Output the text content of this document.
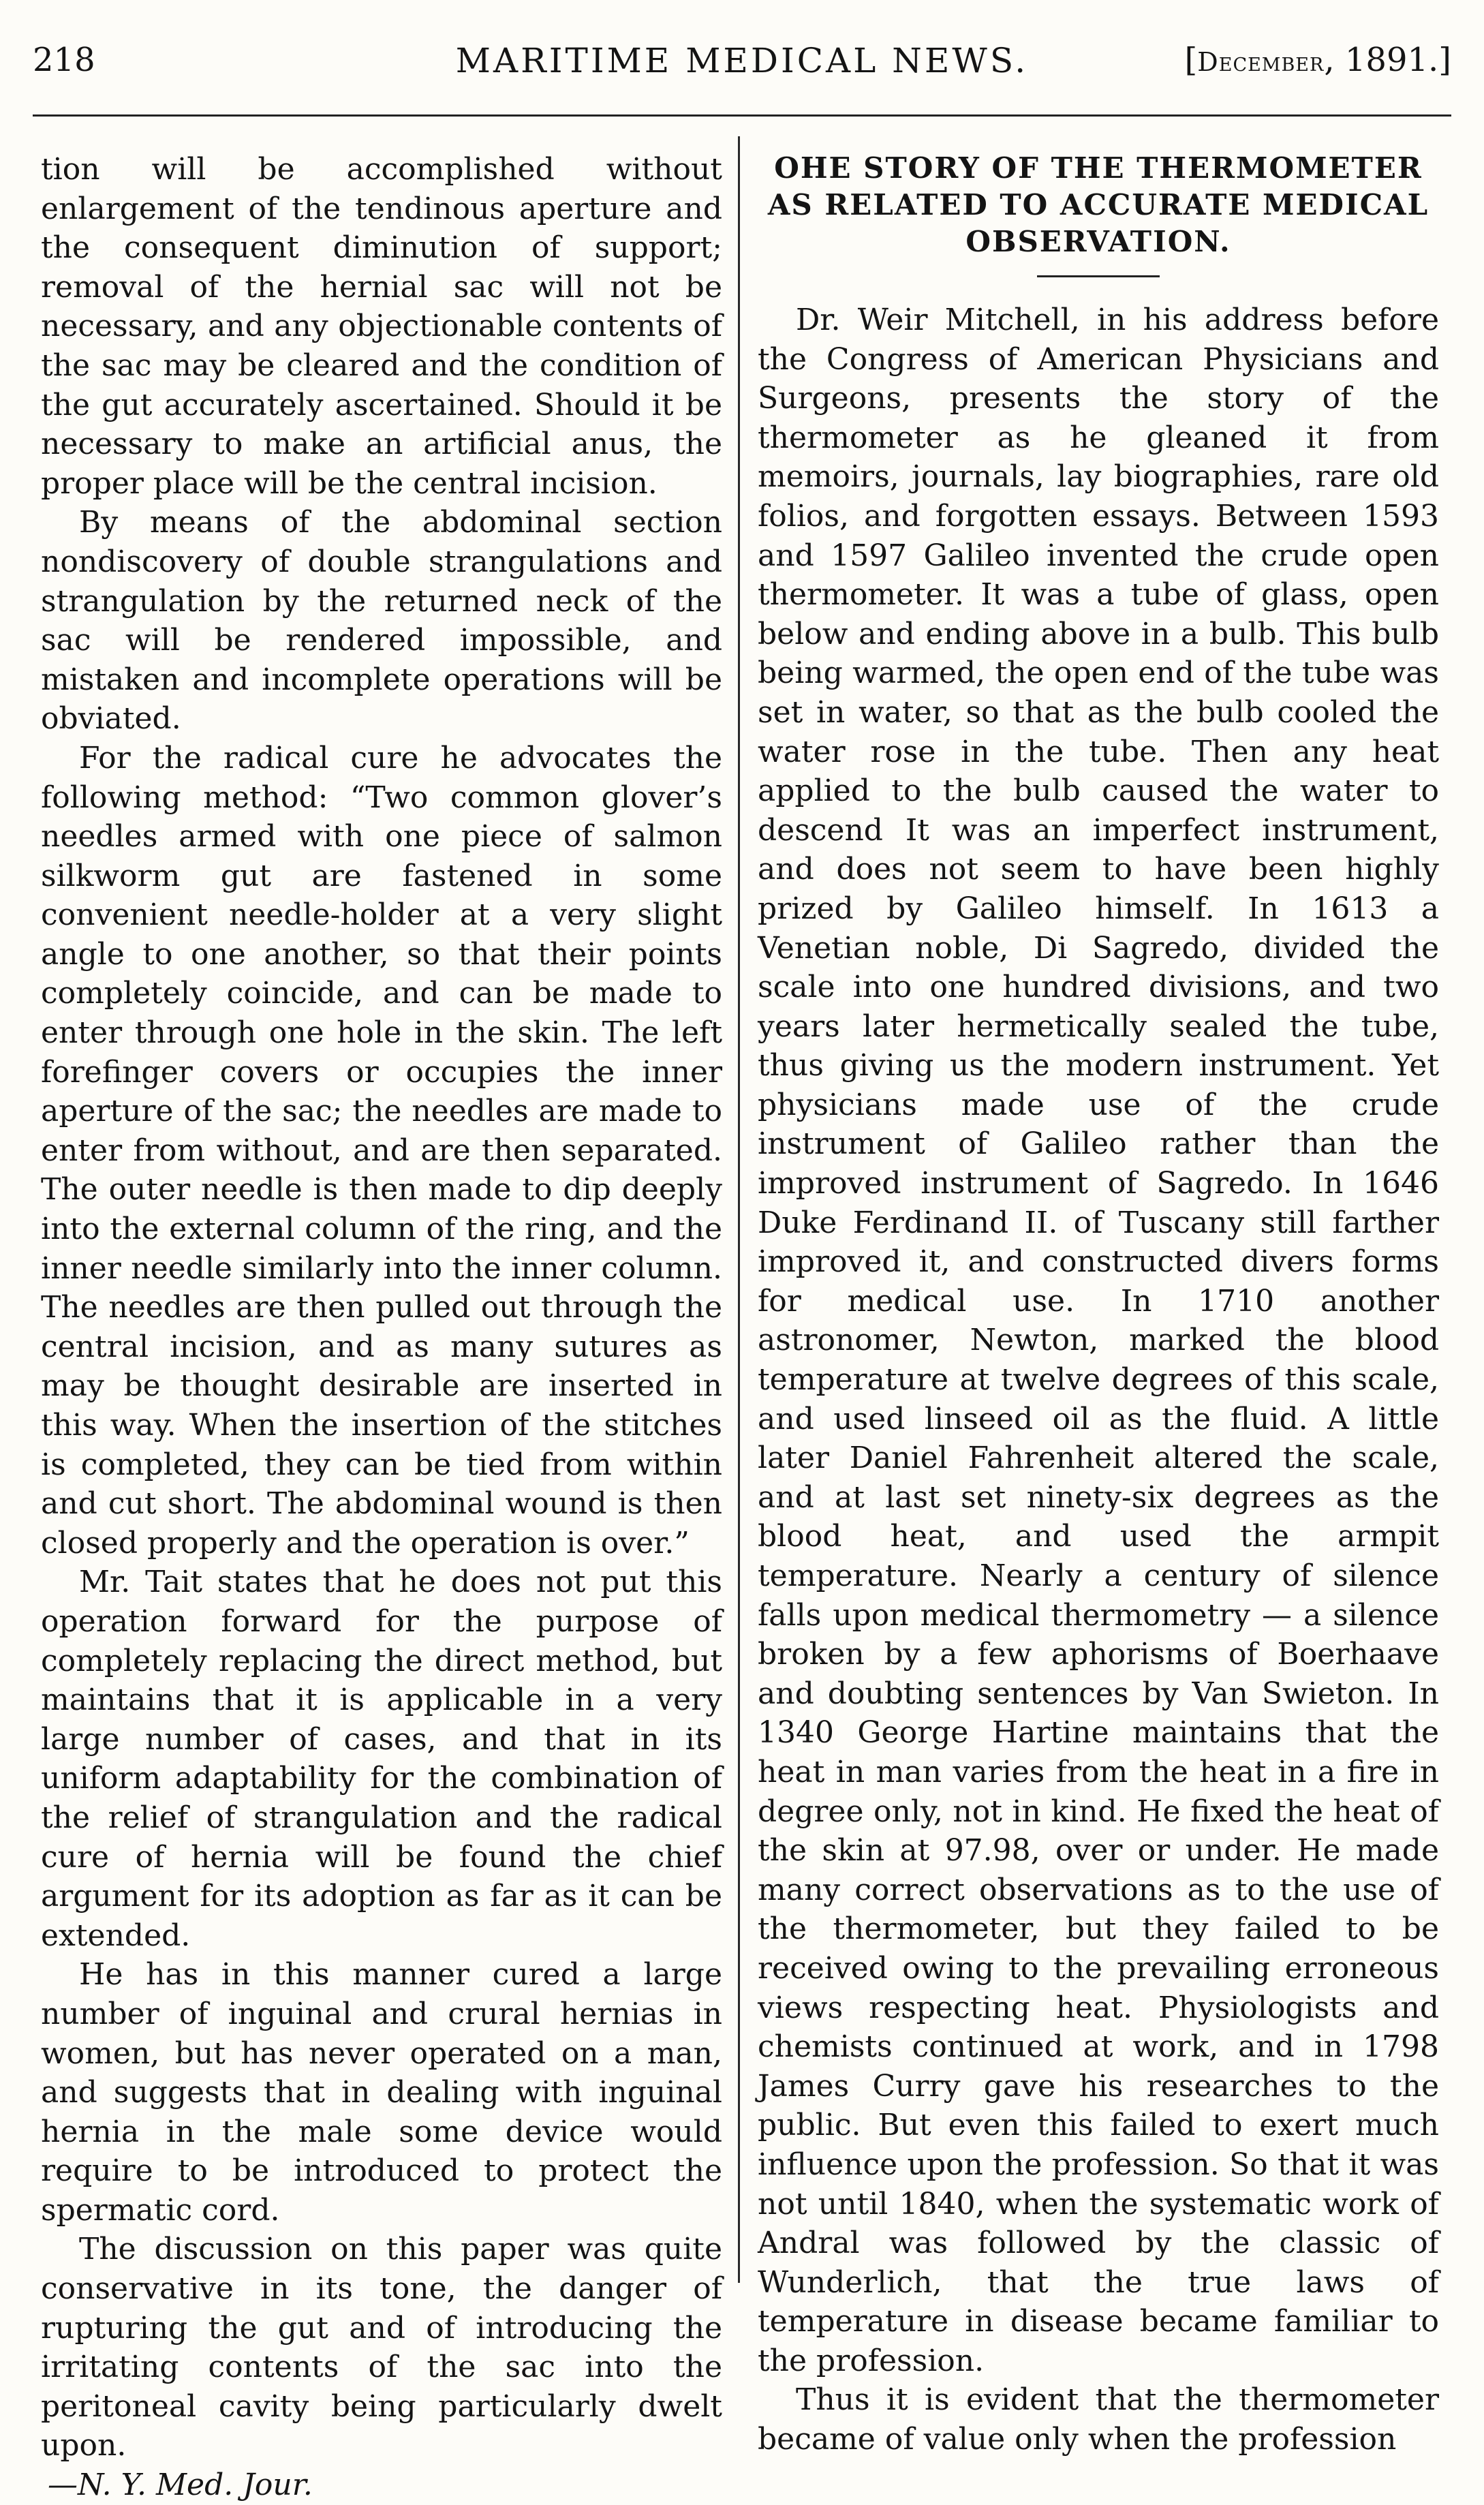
218	MARITIME MEDICAL NEWS.	[December, 1891.]

tion will be accomplished without enlargement of the tendinous aperture and the consequent diminution of support; removal of the hernial sac will not be necessary, and any objectionable contents of the sac may be cleared and the condition of the gut accurately ascertained. Should it be necessary to make an artificial anus, the proper place will be the central incision.

By means of the abdominal section nondiscovery of double strangulations and strangulation by the returned neck of the sac will be rendered impossible, and mistaken and incomplete operations will be obviated.

For the radical cure he advocates the following method: “Two common glover’s needles armed with one piece of salmon silkworm gut are fastened in some convenient needle-holder at a very slight angle to one another, so that their points completely coincide, and can be made to enter through one hole in the skin. The left forefinger covers or occupies the inner aperture of the sac; the needles are made to enter from without, and are then separated. The outer needle is then made to dip deeply into the external column of the ring, and the inner needle similarly into the inner column. The needles are then pulled out through the central incision, and as many sutures as may be thought desirable are inserted in this way. When the insertion of the stitches is completed, they can be tied from within and cut short. The abdominal wound is then closed properly and the operation is over.”

Mr. Tait states that he does not put this operation forward for the purpose of completely replacing the direct method, but maintains that it is applicable in a very large number of cases, and that in its uniform adaptability for the combination of the relief of strangulation and the radical cure of hernia will be found the chief argument for its adoption as far as it can be extended.

He has in this manner cured a large number of inguinal and crural hernias in women, but has never operated on a man, and suggests that in dealing with inguinal hernia in the male some device would require to be introduced to protect the spermatic cord.

The discussion on this paper was quite conservative in its tone, the danger of rupturing the gut and of introducing the irritating contents of the sac into the peritoneal cavity being particularly dwelt upon.

—N. Y. Med. Jour.

OHE STORY OF THE THERMOMETER AS RELATED TO ACCURATE MEDICAL OBSERVATION.

Dr. Weir Mitchell, in his address before the Congress of American Physicians and Surgeons, presents the story of the thermometer as he gleaned it from memoirs, journals, lay biographies, rare old folios, and forgotten essays. Between 1593 and 1597 Galileo invented the crude open thermometer. It was a tube of glass, open below and ending above in a bulb. This bulb being warmed, the open end of the tube was set in water, so that as the bulb cooled the water rose in the tube. Then any heat applied to the bulb caused the water to descend It was an imperfect instrument, and does not seem to have been highly prized by Galileo himself. In 1613 a Venetian noble, Di Sagredo, divided the scale into one hundred divisions, and two years later hermetically sealed the tube, thus giving us the modern instrument. Yet physicians made use of the crude instrument of Galileo rather than the improved instrument of Sagredo. In 1646 Duke Ferdinand II. of Tuscany still farther improved it, and constructed divers forms for medical use. In 1710 another astronomer, Newton, marked the blood temperature at twelve degrees of this scale, and used linseed oil as the fluid. A little later Daniel Fahrenheit altered the scale, and at last set ninety-six degrees as the blood heat, and used the armpit temperature. Nearly a century of silence falls upon medical thermometry — a silence broken by a few aphorisms of Boerhaave and doubting sentences by Van Swieton. In 1340 George Hartine maintains that the heat in man varies from the heat in a fire in degree only, not in kind. He fixed the heat of the skin at 97.98, over or under. He made many correct observations as to the use of the thermometer, but they failed to be received owing to the prevailing erroneous views respecting heat. Physiologists and chemists continued at work, and in 1798 James Curry gave his researches to the public. But even this failed to exert much influence upon the profession. So that it was not until 1840, when the systematic work of Andral was followed by the classic of Wunderlich, that the true laws of temperature in disease became familiar to the profession.

Thus it is evident that the thermometer became of value only when the profession
